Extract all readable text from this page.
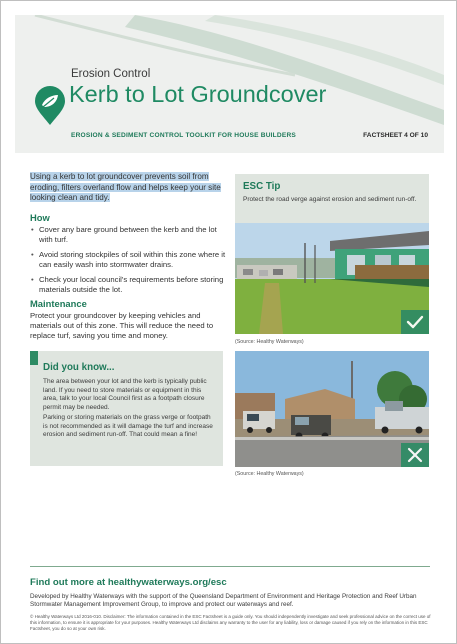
Erosion Control
Kerb to Lot Groundcover
EROSION & SEDIMENT CONTROL TOOLKIT FOR HOUSE BUILDERS	FACTSHEET 4 OF 10

Using a kerb to lot groundcover prevents soil from eroding, filters overland flow and helps keep your site looking clean and tidy.

How
• Cover any bare ground between the kerb and the lot with turf.
• Avoid storing stockpiles of soil within this zone where it can easily wash into stormwater drains.
• Check your local council's requirements before storing materials outside the lot.
Maintenance

Protect your groundcover by keeping vehicles and materials out of this zone. This will reduce the need to replace turf, saving you time and money.

Did you know...

The area between your lot and the kerb is typically public land. If you need to store materials or equipment in this area, talk to your local Council first as a footpath closure permit may be needed.

Parking or storing materials on the grass verge or footpath is not recommended as it will damage the turf and increase erosion and sediment run-off. That could mean a fine!

ESC Tip

Protect the road verge against erosion and sediment run-off.

(Source: Healthy Waterways)
(Source: Healthy Waterways)
Find out more at healthywaterways.org/esc

Developed by Healthy Waterways with the support of the Queensland Department of Environment and Heritage Protection and Reef Urban Stormwater Management Improvement Group, to improve and protect our waterways and reef.

© Healthy Waterways Ltd 2016-010. Disclaimer: The information contained in the ESC Factsheet is a guide only. You should independently investigate and seek professional advice on the correct use of this information, to ensure it is appropriate for your purposes. Healthy Waterways Ltd disclaims any warranty to the user for any liability, loss or damage caused if you rely on the information in this ESC Factsheet, you do so at your own risk.
